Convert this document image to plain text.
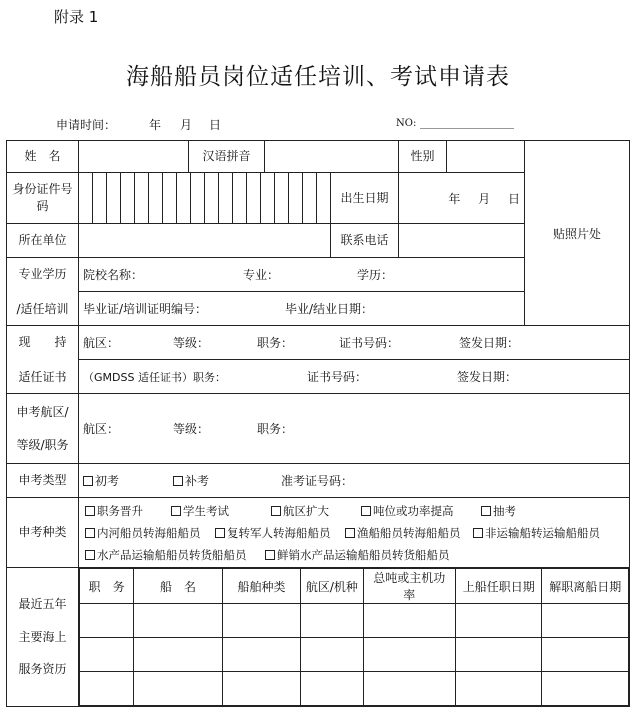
附录 1
海船船员岗位适任培训、考试申请表
申请时间：	年 月 日	NO:
姓　名		汉语拼音		性别		贴照片处
身份证件号码	
	出生日期	年 月 日
所在单位		联系电话	

专业学历
/适任培训
	院校名称：	专业：	学历：
毕业证/培训证明编号：	毕业/结业日期：

现　　持
适任证书
	航区：	等级：	职务：	证书号码：	签发日期：
（GMDSS 适任证书）职务：	证书号码：	签发日期：

申考航区/
等级/职务
	航区：	等级：	职务：
申考类型	初考	补考	准考证号码：
申考种类	
职务晋升	学生考试	航区扩大	吨位或功率提高	抽考
内河船员转海船船员 复转军人转海船船员 渔船船员转海船船员 非运输船转运输船船员
水产品运输船船员转货船船员	鲜销水产品运输船船员转货船船员

最近五年
主要海上
服务资历

职　务	船　名	船舶种类	航区/机种	总吨或主机功率	上船任职日期	解职离船日期
